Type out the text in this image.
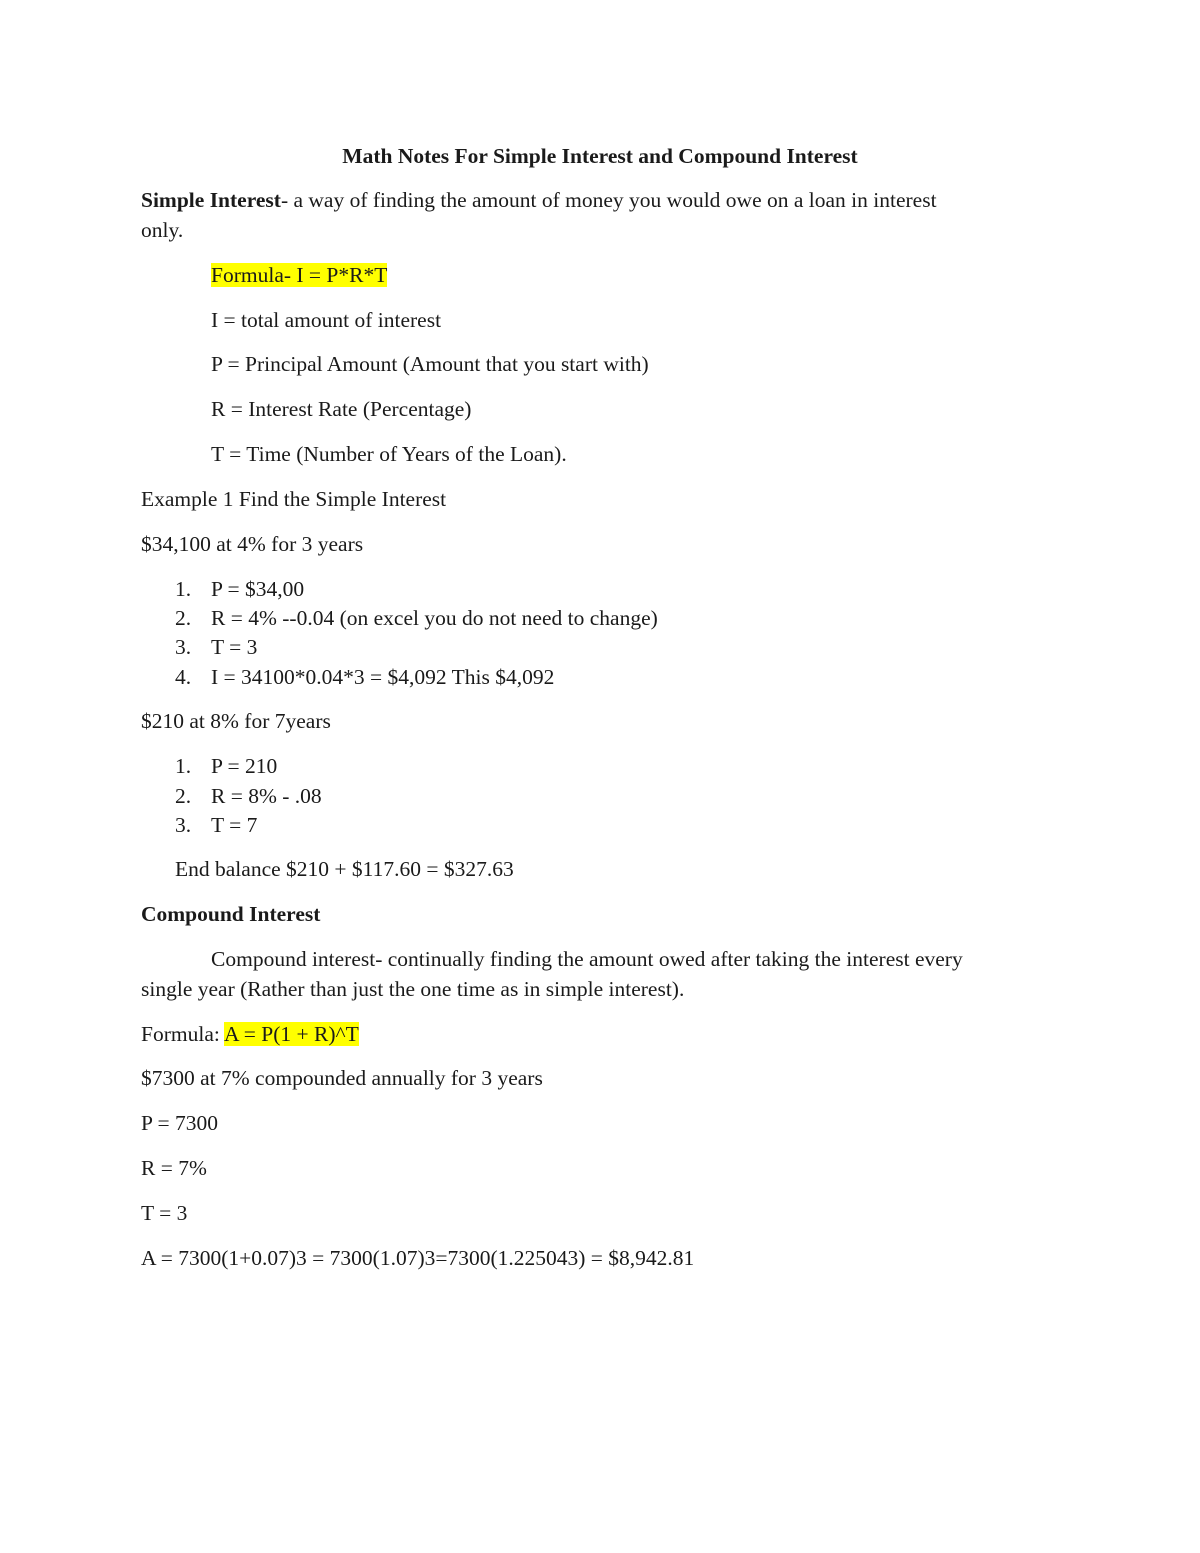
Math Notes For Simple Interest and Compound Interest
Simple Interest- a way of finding the amount of money you would owe on a loan in interest
only.
Formula- I = P*R*T
I = total amount of interest
P = Principal Amount (Amount that you start with)
R = Interest Rate (Percentage)
T = Time (Number of Years of the Loan).
Example 1 Find the Simple Interest
$34,100 at 4% for 3 years
1. P = $34,00
2. R = 4% --0.04 (on excel you do not need to change)
3. T = 3
4. I = 34100*0.04*3 = $4,092 This $4,092
$210 at 8% for 7years
1. P = 210
2. R = 8% - .08
3. T = 7
End balance $210 + $117.60 = $327.63
Compound Interest
Compound interest- continually finding the amount owed after taking the interest every
single year (Rather than just the one time as in simple interest).
Formula: A = P(1 + R)^T
$7300 at 7% compounded annually for 3 years
P = 7300
R = 7%
T = 3
A = 7300(1+0.07)3 = 7300(1.07)3=7300(1.225043) = $8,942.81
